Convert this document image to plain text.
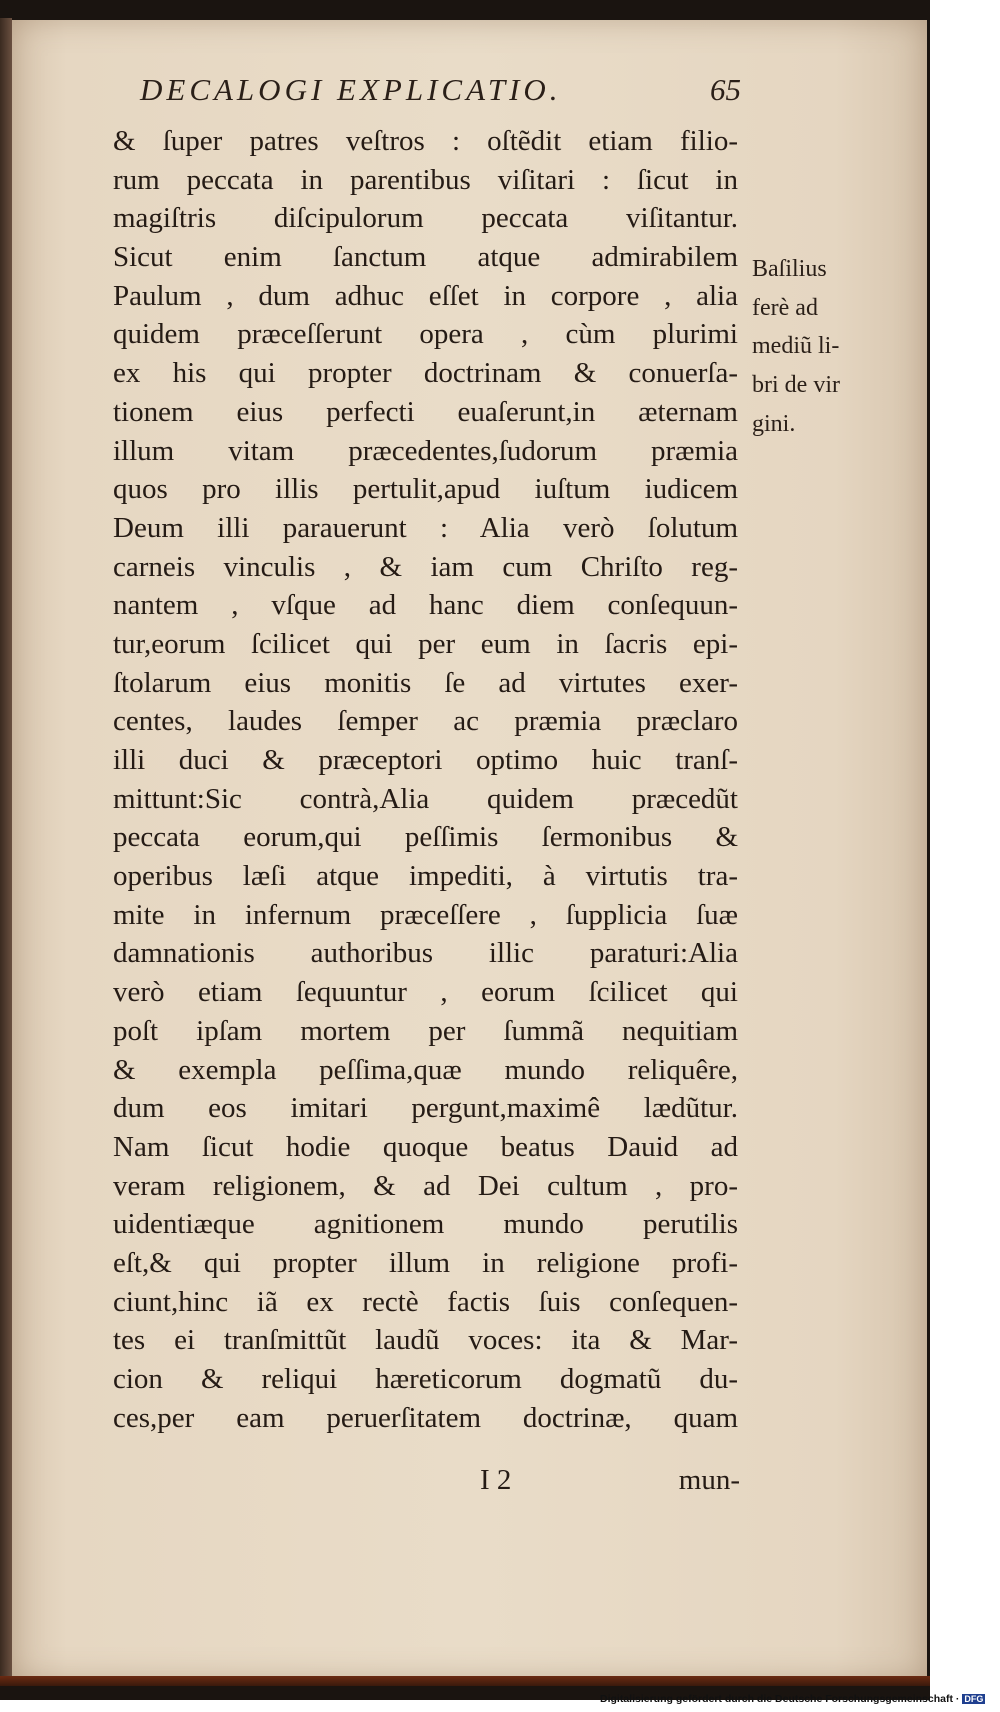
DECALOGI EXPLICATIO.	65
& ſuper patres veſtros : oſtẽdit etiam filio-
rum peccata in parentibus viſitari : ſicut in
magiſtris diſcipulorum peccata viſitantur.
Sicut enim ſanctum atque admirabilem
Paulum , dum adhuc eſſet in corpore , alia
quidem præceſſerunt opera , cùm plurimi
ex his qui propter doctrinam & conuerſa-
tionem eius perfecti euaſerunt,in æternam
illum vitam præcedentes,ſudorum præmia
quos pro illis pertulit,apud iuſtum iudicem
Deum illi parauerunt : Alia verò ſolutum
carneis vinculis , & iam cum Chriſto reg-
nantem , vſque ad hanc diem conſequun-
tur,eorum ſcilicet qui per eum in ſacris epi-
ſtolarum eius monitis ſe ad virtutes exer-
centes, laudes ſemper ac præmia præclaro
illi duci & præceptori optimo huic tranſ-
mittunt:Sic contrà,Alia quidem præcedũt
peccata eorum,qui peſſimis ſermonibus &
operibus læſi atque impediti, à virtutis tra-
mite in infernum præceſſere , ſupplicia ſuæ
damnationis authoribus illic paraturi:Alia
verò etiam ſequuntur , eorum ſcilicet qui
poſt ipſam mortem per ſummã nequitiam
& exempla peſſima,quæ mundo reliquêre,
dum eos imitari pergunt,maximê lædũtur.
Nam ſicut hodie quoque beatus Dauid ad
veram religionem, & ad Dei cultum , pro-
uidentiæque agnitionem mundo perutilis
eſt,& qui propter illum in religione profi-
ciunt,hinc iã ex rectè factis ſuis conſequen-
tes ei tranſmittũt laudũ voces: ita & Mar-
cion & reliqui hæreticorum dogmatũ du-
ces,per eam peruerſitatem doctrinæ, quam
I 2	mun-
Baſilius
ferè ad
mediũ li-
bri de vir
gini.
Digitalisierung gefördert durch die Deutsche Forschungsgemeinschaft · DFG
